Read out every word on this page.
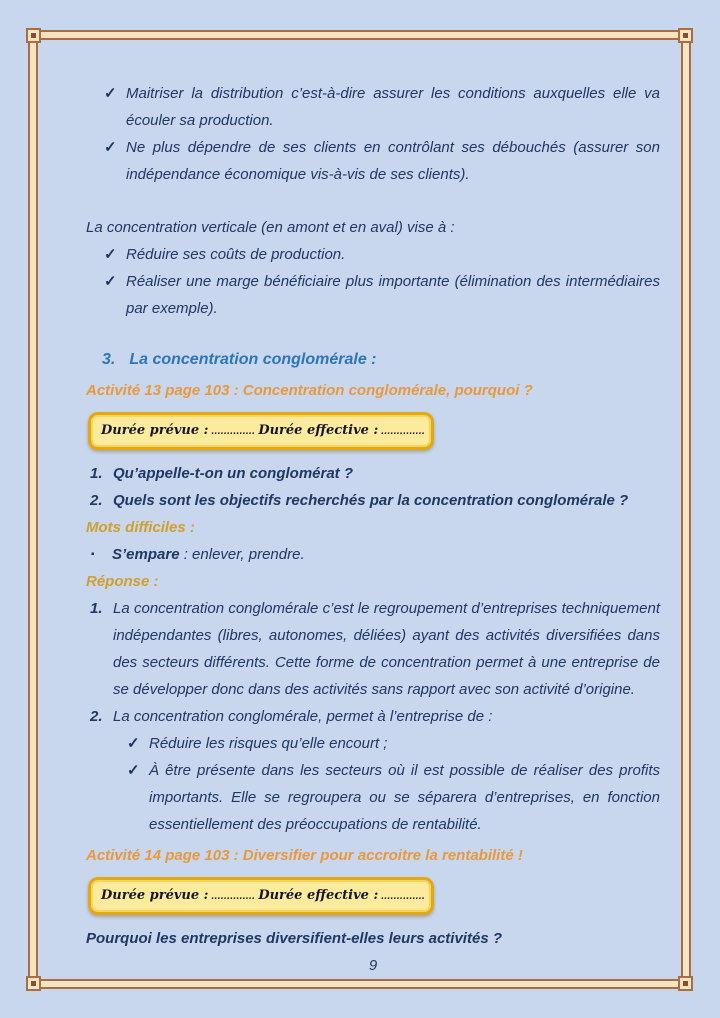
✓ Maitriser la distribution c’est-à-dire assurer les conditions auxquelles elle va écouler sa production.
✓ Ne plus dépendre de ses clients en contrôlant ses débouchés (assurer son indépendance économique vis-à-vis de ses clients).

La concentration verticale (en amont et en aval) vise à :

✓ Réduire ses coûts de production.
✓ Réaliser une marge bénéficiaire plus importante (élimination des intermédiaires par exemple).

3. La concentration conglomérale :

Activité 13 page 103 : Concentration conglomérale, pourquoi ?

Durée prévue : .............. Durée effective : ..............
1. Qu’appelle-t-on un conglomérat ?
2. Quels sont les objectifs recherchés par la concentration conglomérale ?

Mots difficiles :

▪	S’empare : enlever, prendre.

Réponse :

1. La concentration conglomérale c’est le regroupement d’entreprises techniquement indépendantes (libres, autonomes, déliées) ayant des activités diversifiées dans des secteurs différents. Cette forme de concentration permet à une entreprise de se développer donc dans des activités sans rapport avec son activité d’origine.
2. La concentration conglomérale, permet à l’entreprise de :
✓ Réduire les risques qu’elle encourt ;
✓ À être présente dans les secteurs où il est possible de réaliser des profits importants. Elle se regroupera ou se séparera d’entreprises, en fonction essentiellement des préoccupations de rentabilité.

Activité 14 page 103 : Diversifier pour accroitre la rentabilité !

Durée prévue : .............. Durée effective : ..............

Pourquoi les entreprises diversifient-elles leurs activités ?

9
